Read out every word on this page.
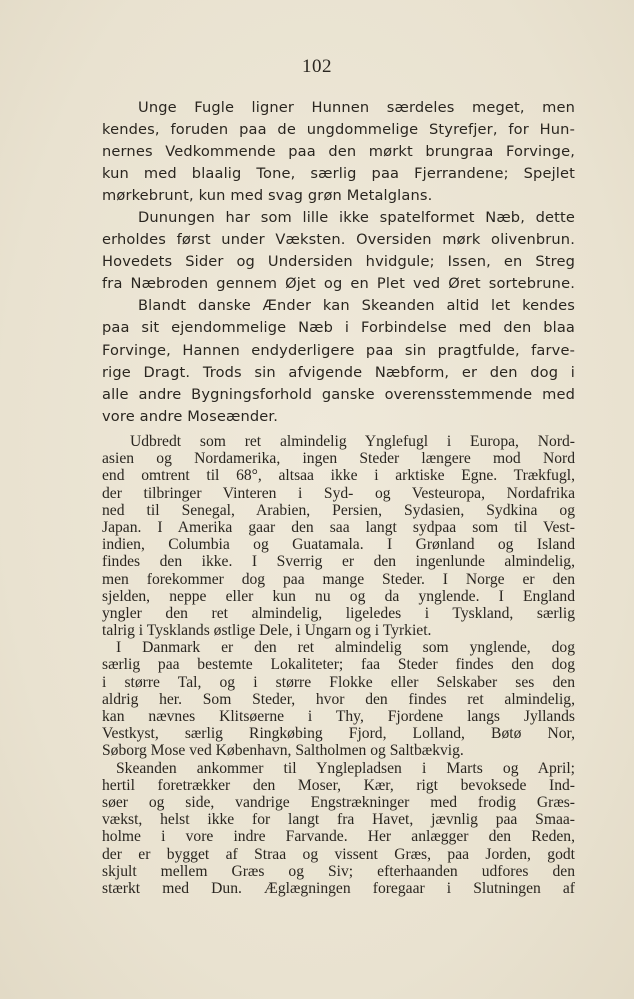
102
Unge Fugle ligner Hunnen særdeles meget, men
kendes, foruden paa de ungdommelige Styrefjer, for Hun-
nernes Vedkommende paa den mørkt brungraa Forvinge,
kun med blaalig Tone, særlig paa Fjerrandene; Spejlet
mørkebrunt, kun med svag grøn Metalglans.
Dunungen har som lille ikke spatelformet Næb, dette
erholdes først under Væksten. Oversiden mørk olivenbrun.
Hovedets Sider og Undersiden hvidgule; Issen, en Streg
fra Næbroden gennem Øjet og en Plet ved Øret sortebrune.
Blandt danske Ænder kan Skeanden altid let kendes
paa sit ejendommelige Næb i Forbindelse med den blaa
Forvinge, Hannen endyderligere paa sin pragtfulde, farve-
rige Dragt. Trods sin afvigende Næbform, er den dog i
alle andre Bygningsforhold ganske overensstemmende med
vore andre Moseænder.
Udbredt som ret almindelig Ynglefugl i Europa, Nord-
asien og Nordamerika, ingen Steder længere mod Nord
end omtrent til 68°, altsaa ikke i arktiske Egne. Trækfugl,
der tilbringer Vinteren i Syd- og Vesteuropa, Nordafrika
ned til Senegal, Arabien, Persien, Sydasien, Sydkina og
Japan. I Amerika gaar den saa langt sydpaa som til Vest-
indien, Columbia og Guatamala. I Grønland og Island
findes den ikke. I Sverrig er den ingenlunde almindelig,
men forekommer dog paa mange Steder. I Norge er den
sjelden, neppe eller kun nu og da ynglende. I England
yngler den ret almindelig, ligeledes i Tyskland, særlig
talrig i Tysklands østlige Dele, i Ungarn og i Tyrkiet.
I Danmark er den ret almindelig som ynglende, dog
særlig paa bestemte Lokaliteter; faa Steder findes den dog
i større Tal, og i større Flokke eller Selskaber ses den
aldrig her. Som Steder, hvor den findes ret almindelig,
kan nævnes Klitsøerne i Thy, Fjordene langs Jyllands
Vestkyst, særlig Ringkøbing Fjord, Lolland, Bøtø Nor,
Søborg Mose ved København, Saltholmen og Saltbækvig.
Skeanden ankommer til Ynglepladsen i Marts og April;
hertil foretrækker den Moser, Kær, rigt bevoksede Ind-
søer og side, vandrige Engstrækninger med frodig Græs-
vækst, helst ikke for langt fra Havet, jævnlig paa Smaa-
holme i vore indre Farvande. Her anlægger den Reden,
der er bygget af Straa og vissent Græs, paa Jorden, godt
skjult mellem Græs og Siv; efterhaanden udfores den
stærkt med Dun. Æglægningen foregaar i Slutningen af
